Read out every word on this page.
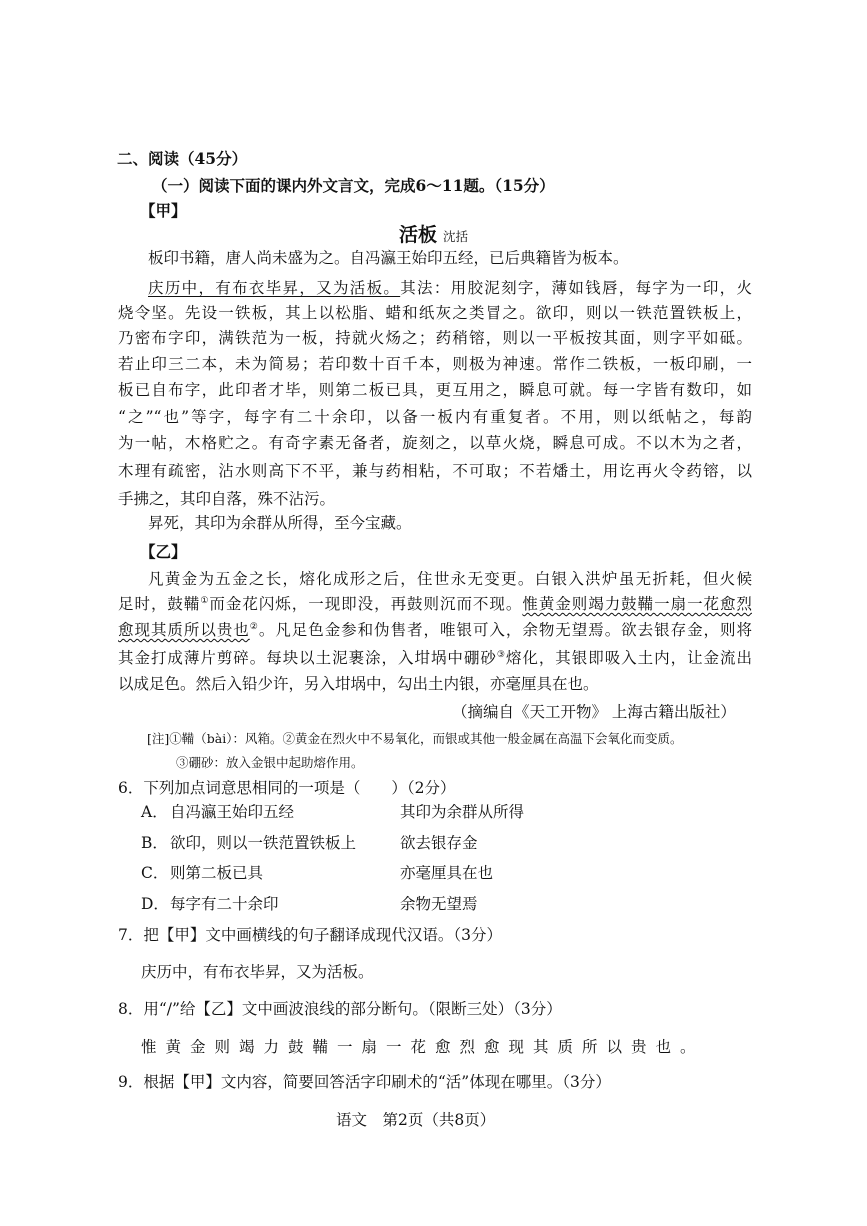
二、阅读（45分）
（一）阅读下面的课内外文言文，完成6～11题。（15分）
【甲】
活板 沈括
板印书籍，唐人尚未盛为之。自冯瀛王始印五经，已后典籍皆为板本。
庆历中，有布衣毕昇，又为活板。其法：用胶泥刻字，薄如钱唇，每字为一印，火
烧令坚。先设一铁板，其上以松脂、蜡和纸灰之类冒之。欲印，则以一铁范置铁板上，
乃密布字印，满铁范为一板，持就火炀之；药稍镕，则以一平板按其面，则字平如砥。
若止印三二本，未为简易；若印数十百千本，则极为神速。常作二铁板，一板印刷，一
板已自布字，此印者才毕，则第二板已具，更互用之，瞬息可就。每一字皆有数印，如
“之”“也”等字，每字有二十余印，以备一板内有重复者。不用，则以纸帖之，每韵
为一帖，木格贮之。有奇字素无备者，旋刻之，以草火烧，瞬息可成。不以木为之者，
木理有疏密，沾水则高下不平，兼与药相粘，不可取；不若燔土，用讫再火令药镕，以
手拂之，其印自落，殊不沾污。
昇死，其印为余群从所得，至今宝藏。
【乙】
凡黄金为五金之长，熔化成形之后，住世永无变更。白银入洪炉虽无折耗，但火候
足时，鼓鞴①而金花闪烁，一现即没，再鼓则沉而不现。惟黄金则竭力鼓鞴一扇一花愈烈
愈现其质所以贵也②。凡足色金参和伪售者，唯银可入，余物无望焉。欲去银存金，则将
其金打成薄片剪碎。每块以土泥裹涂，入坩埚中硼砂③熔化，其银即吸入土内，让金流出
以成足色。然后入铅少许，另入坩埚中，勾出土内银，亦毫厘具在也。
（摘编自《天工开物》 上海古籍出版社）
[注]①鞴（bài）：风箱。②黄金在烈火中不易氧化，而银或其他一般金属在高温下会氧化而变质。
③硼砂：放入金银中起助熔作用。
6．下列加点词意思相同的一项是（　　）（2分）
A． 自冯瀛王始印五经	其印为余群从所得
B． 欲印，则以一铁范置铁板上	欲去银存金
C． 则第二板已具	亦毫厘具在也
D． 每字有二十余印	余物无望焉
7．把【甲】文中画横线的句子翻译成现代汉语。（3分）
庆历中，有布衣毕昇，又为活板。
8．用“/”给【乙】文中画波浪线的部分断句。（限断三处）（3分）
惟黄金则竭力鼓鞴一扇一花愈烈愈现其质所以贵也。
9．根据【甲】文内容，简要回答活字印刷术的“活”体现在哪里。（3分）
语文　第2页（共8页）
